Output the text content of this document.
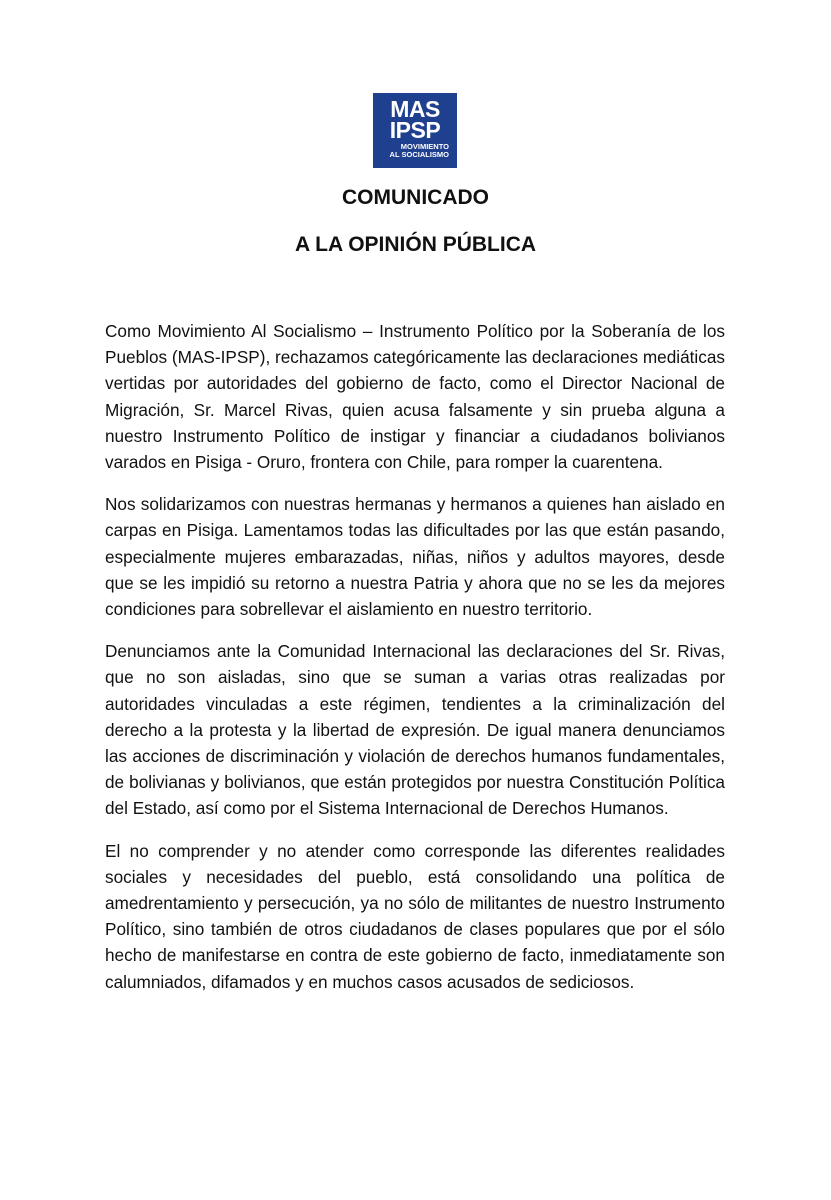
MAS
IPSP
MOVIMIENTO
AL SOCIALISMO
COMUNICADO
A LA OPINIÓN PÚBLICA

Como Movimiento Al Socialismo – Instrumento Político por la Soberanía de los Pueblos (MAS-IPSP), rechazamos categóricamente las declaraciones mediáticas vertidas por autoridades del gobierno de facto, como el Director Nacional de Migración, Sr. Marcel Rivas, quien acusa falsamente y sin prueba alguna a nuestro Instrumento Político de instigar y financiar a ciudadanos bolivianos varados en Pisiga - Oruro, frontera con Chile, para romper la cuarentena.

Nos solidarizamos con nuestras hermanas y hermanos a quienes han aislado en carpas en Pisiga. Lamentamos todas las dificultades por las que están pasando, especialmente mujeres embarazadas, niñas, niños y adultos mayores, desde que se les impidió su retorno a nuestra Patria y ahora que no se les da mejores condiciones para sobrellevar el aislamiento en nuestro territorio.

Denunciamos ante la Comunidad Internacional las declaraciones del Sr. Rivas, que no son aisladas, sino que se suman a varias otras realizadas por autoridades vinculadas a este régimen, tendientes a la criminalización del derecho a la protesta y la libertad de expresión. De igual manera denunciamos las acciones de discriminación y violación de derechos humanos fundamentales, de bolivianas y bolivianos, que están protegidos por nuestra Constitución Política del Estado, así como por el Sistema Internacional de Derechos Humanos.

El no comprender y no atender como corresponde las diferentes realidades sociales y necesidades del pueblo, está consolidando una política de amedrentamiento y persecución, ya no sólo de militantes de nuestro Instrumento Político, sino también de otros ciudadanos de clases populares que por el sólo hecho de manifestarse en contra de este gobierno de facto, inmediatamente son calumniados, difamados y en muchos casos acusados de sediciosos.
